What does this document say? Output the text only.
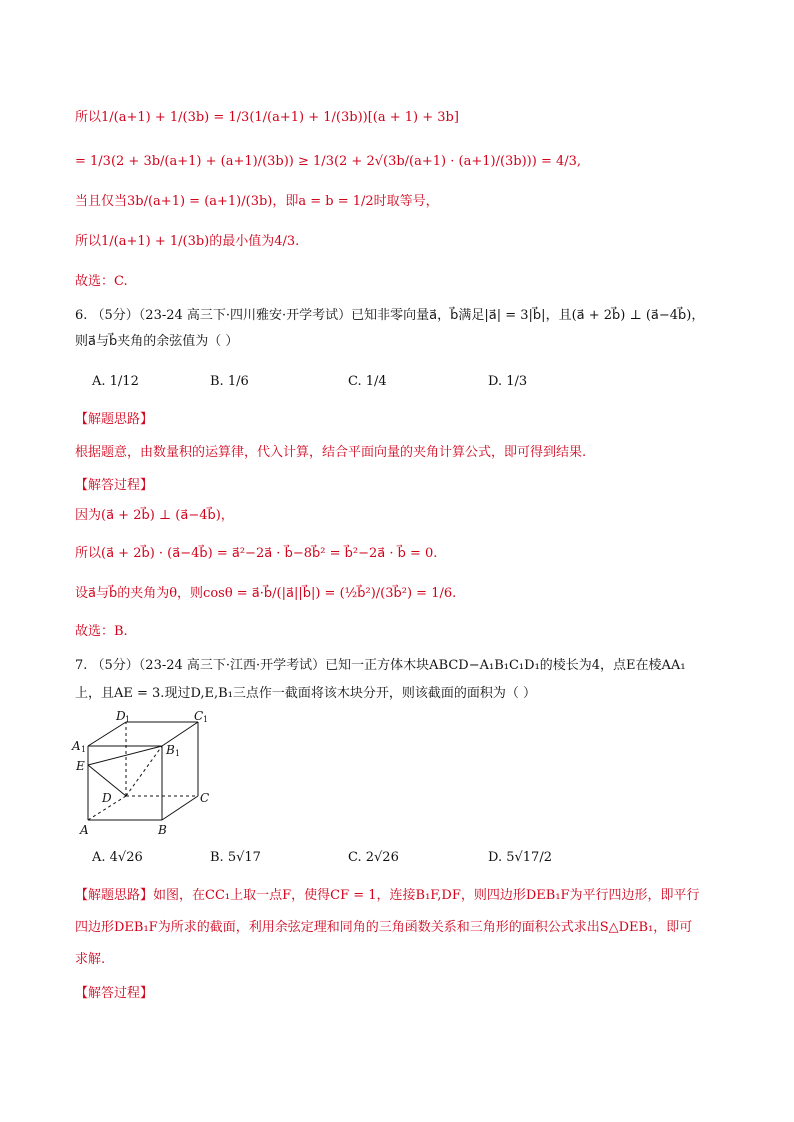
所以1/(a+1) + 1/(3b) = 1/3(1/(a+1) + 1/(3b))[(a + 1) + 3b]
= 1/3(2 + 3b/(a+1) + (a+1)/(3b)) ≥ 1/3(2 + 2√(3b/(a+1) · (a+1)/(3b))) = 4/3,
当且仅当3b/(a+1) = (a+1)/(3b)，即a = b = 1/2时取等号，
所以1/(a+1) + 1/(3b)的最小值为4/3.
故选：C.
6. （5分）（23-24 高三下·四川雅安·开学考试）已知非零向量a⃗，b⃗满足|a⃗| = 3|b⃗|，且(a⃗ + 2b⃗) ⊥ (a⃗−4b⃗)，
则a⃗与b⃗夹角的余弦值为（ ）
A. 1/12	B. 1/6	C. 1/4	D. 1/3
【解题思路】
根据题意，由数量积的运算律，代入计算，结合平面向量的夹角计算公式，即可得到结果.
【解答过程】
因为(a⃗ + 2b⃗) ⊥ (a⃗−4b⃗)，
所以(a⃗ + 2b⃗) · (a⃗−4b⃗) = a⃗²−2a⃗ · b⃗−8b⃗² = b⃗²−2a⃗ · b⃗ = 0.
设a⃗与b⃗的夹角为θ，则cosθ = a⃗·b⃗/(|a⃗||b⃗|) = (½b⃗²)/(3b⃗²) = 1/6.
故选：B.
7. （5分）（23-24 高三下·江西·开学考试）已知一正方体木块ABCD−A₁B₁C₁D₁的棱长为4，点E在棱AA₁
上，且AE = 3.现过D,E,B₁三点作一截面将该木块分开，则该截面的面积为（ ）
D 1	C 1
A 1	B 1
E
D	C
A	B
A. 4√26	B. 5√17	C. 2√26	D. 5√17/2
【解题思路】如图，在CC₁上取一点F，使得CF = 1，连接B₁F,DF，则四边形DEB₁F为平行四边形，即平行
四边形DEB₁F为所求的截面，利用余弦定理和同角的三角函数关系和三角形的面积公式求出S△DEB₁，即可
求解.
【解答过程】
